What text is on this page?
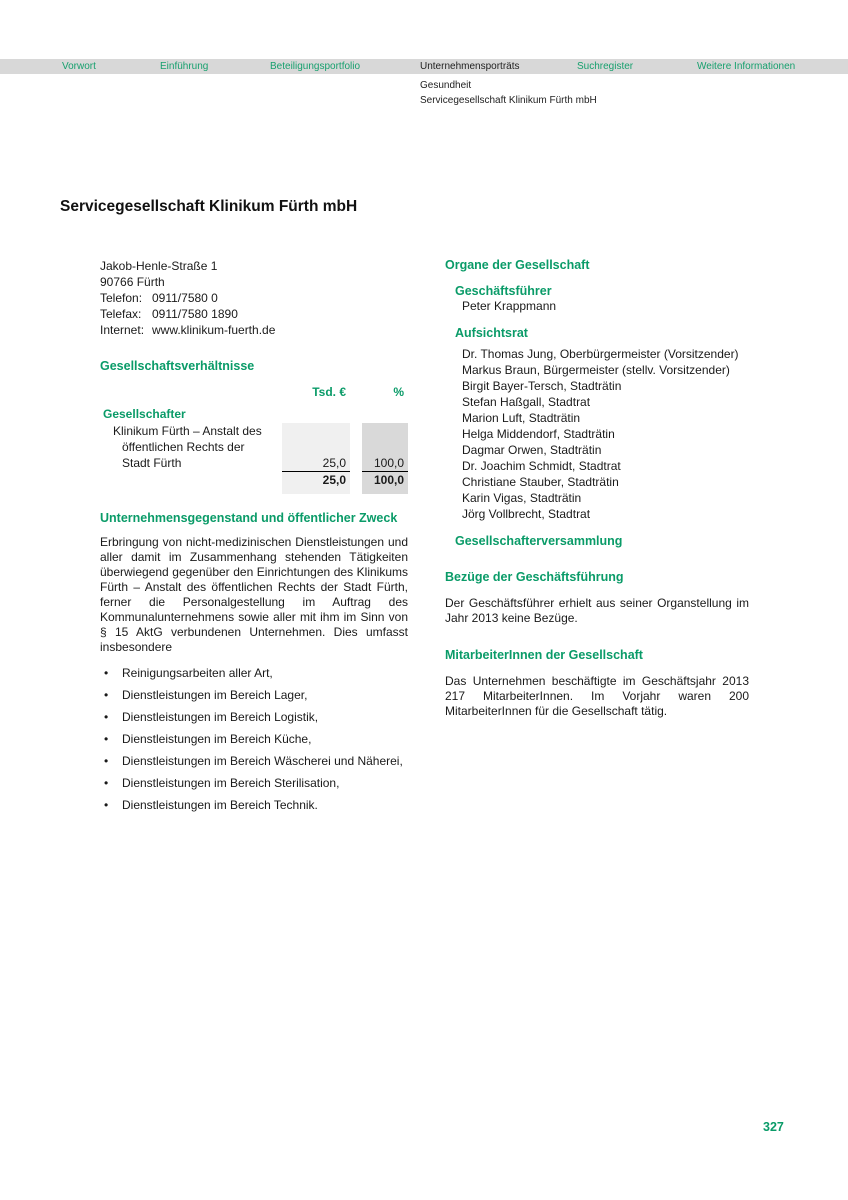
Vorwort	Einführung	Beteiligungsportfolio	Unternehmensporträts	Suchregister	Weitere Informationen
Gesundheit
Servicegesellschaft Klinikum Fürth mbH
Servicegesellschaft Klinikum Fürth mbH
Jakob-Henle-Straße 1
90766 Fürth
Telefon: 0911/7580 0
Telefax: 0911/7580 1890
Internet: www.klinikum-fuerth.de
Gesellschaftsverhältnisse
Tsd. €	%
Gesellschafter
Klinikum Fürth – Anstalt des
öffentlichen Rechts der
Stadt Fürth	25,0	100,0
25,0	100,0
Unternehmensgegenstand und öffentlicher Zweck

Erbringung von nicht-medizinischen Dienstleistungen und aller damit im Zusammenhang stehenden Tätigkeiten überwiegend gegenüber den Einrichtungen des Klinikums Fürth – Anstalt des öffentlichen Rechts der Stadt Fürth, ferner die Personalgestellung im Auftrag des Kommunalunternehmens sowie aller mit ihm im Sinn von § 15 AktG verbundenen Unternehmen. Dies umfasst insbesondere

•	Reinigungsarbeiten aller Art,
•	Dienstleistungen im Bereich Lager,
•	Dienstleistungen im Bereich Logistik,
•	Dienstleistungen im Bereich Küche,
•	Dienstleistungen im Bereich Wäscherei und Näherei,
•	Dienstleistungen im Bereich Sterilisation,
•	Dienstleistungen im Bereich Technik.
Organe der Gesellschaft
Geschäftsführer
Peter Krappmann
Aufsichtsrat
Dr. Thomas Jung, Oberbürgermeister (Vorsitzender)
Markus Braun, Bürgermeister (stellv. Vorsitzender)
Birgit Bayer-Tersch, Stadträtin
Stefan Haßgall, Stadtrat
Marion Luft, Stadträtin
Helga Middendorf, Stadträtin
Dagmar Orwen, Stadträtin
Dr. Joachim Schmidt, Stadtrat
Christiane Stauber, Stadträtin
Karin Vigas, Stadträtin
Jörg Vollbrecht, Stadtrat
Gesellschafterversammlung
Bezüge der Geschäftsführung

Der Geschäftsführer erhielt aus seiner Organstellung im Jahr 2013 keine Bezüge.

MitarbeiterInnen der Gesellschaft

Das Unternehmen beschäftigte im Geschäftsjahr 2013 217 MitarbeiterInnen. Im Vorjahr waren 200 MitarbeiterInnen für die Gesellschaft tätig.

327
